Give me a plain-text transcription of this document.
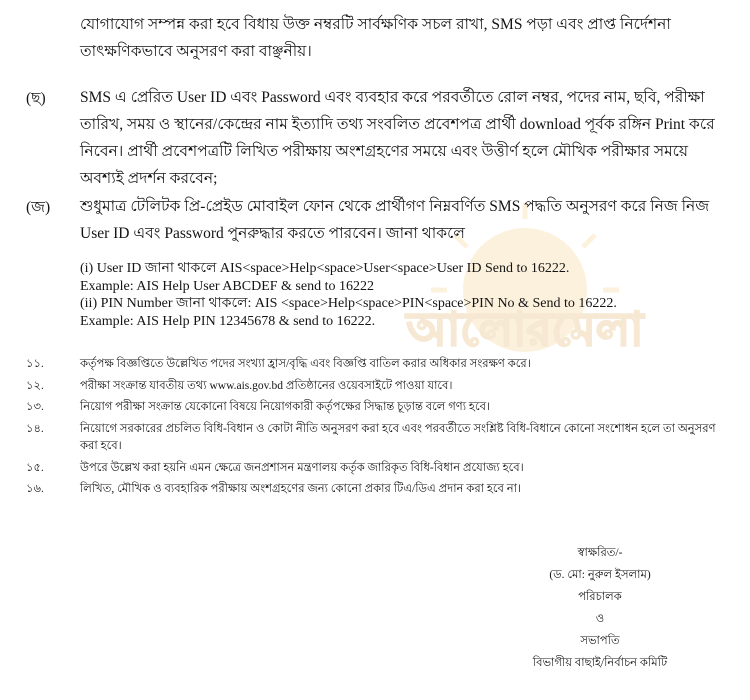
আলোরমেলা
যোগাযোগ সম্পন্ন করা হবে বিধায় উক্ত নম্বরটি সার্বক্ষণিক সচল রাখা, SMS পড়া এবং প্রাপ্ত নির্দেশনা তাৎক্ষণিকভাবে অনুসরণ করা বাঞ্ছনীয়।
(ছ) SMS এ প্রেরিত User ID এবং Password এবং ব্যবহার করে পরবর্তীতে রোল নম্বর, পদের নাম, ছবি, পরীক্ষা তারিখ, সময় ও স্থানের/কেন্দ্রের নাম ইত্যাদি তথ্য সংবলিত প্রবেশপত্র প্রার্থী download পূর্বক রঙ্গিন Print করে নিবেন। প্রার্থী প্রবেশপত্রটি লিখিত পরীক্ষায় অংশগ্রহণের সময়ে এবং উত্তীর্ণ হলে মৌখিক পরীক্ষার সময়ে অবশ্যই প্রদর্শন করবেন;
(জ) শুধুমাত্র টেলিটক প্রি-প্রেইড মোবাইল ফোন থেকে প্রার্থীগণ নিম্নবর্ণিত SMS পদ্ধতি অনুসরণ করে নিজ নিজ User ID এবং Password পুনরুদ্ধার করতে পারবেন। জানা থাকলে
(i) User ID জানা থাকলে AIS<space>Help<space>User<space>User ID Send to 16222.
Example: AIS Help User ABCDEF & send to 16222
(ii) PIN Number জানা থাকলে: AIS <space>Help<space>PIN<space>PIN No & Send to 16222.
Example: AIS Help PIN 12345678 & send to 16222.
১১.	কর্তৃপক্ষ বিজ্ঞপ্তিতে উল্লেখিত পদের সংখ্যা হ্রাস/বৃদ্ধি এবং বিজ্ঞপ্তি বাতিল করার অধিকার সংরক্ষণ করে।
১২.	পরীক্ষা সংক্রান্ত যাবতীয় তথ্য www.ais.gov.bd প্রতিষ্ঠানের ওয়েবসাইটে পাওয়া যাবে।
১৩.	নিয়োগ পরীক্ষা সংক্রান্ত যেকোনো বিষয়ে নিয়োগকারী কর্তৃপক্ষের সিদ্ধান্ত চূড়ান্ত বলে গণ্য হবে।
১৪.	নিয়োগে সরকারের প্রচলিত বিধি-বিধান ও কোটা নীতি অনুসরণ করা হবে এবং পরবর্তীতে সংশ্লিষ্ট বিধি-বিধানে কোনো সংশোধন হলে তা অনুসরণ করা হবে।
১৫.	উপরে উল্লেখ করা হয়নি এমন ক্ষেত্রে জনপ্রশাসন মন্ত্রণালয় কর্তৃক জারিকৃত বিধি-বিধান প্রযোজ্য হবে।
১৬.	লিখিত, মৌখিক ও ব্যবহারিক পরীক্ষায় অংশগ্রহণের জন্য কোনো প্রকার টিএ/ডিএ প্রদান করা হবে না।
স্বাক্ষরিত/-
(ড. মো: নুরুল ইসলাম)
পরিচালক
ও
সভাপতি
বিভাগীয় বাছাই/নির্বাচন কমিটি
